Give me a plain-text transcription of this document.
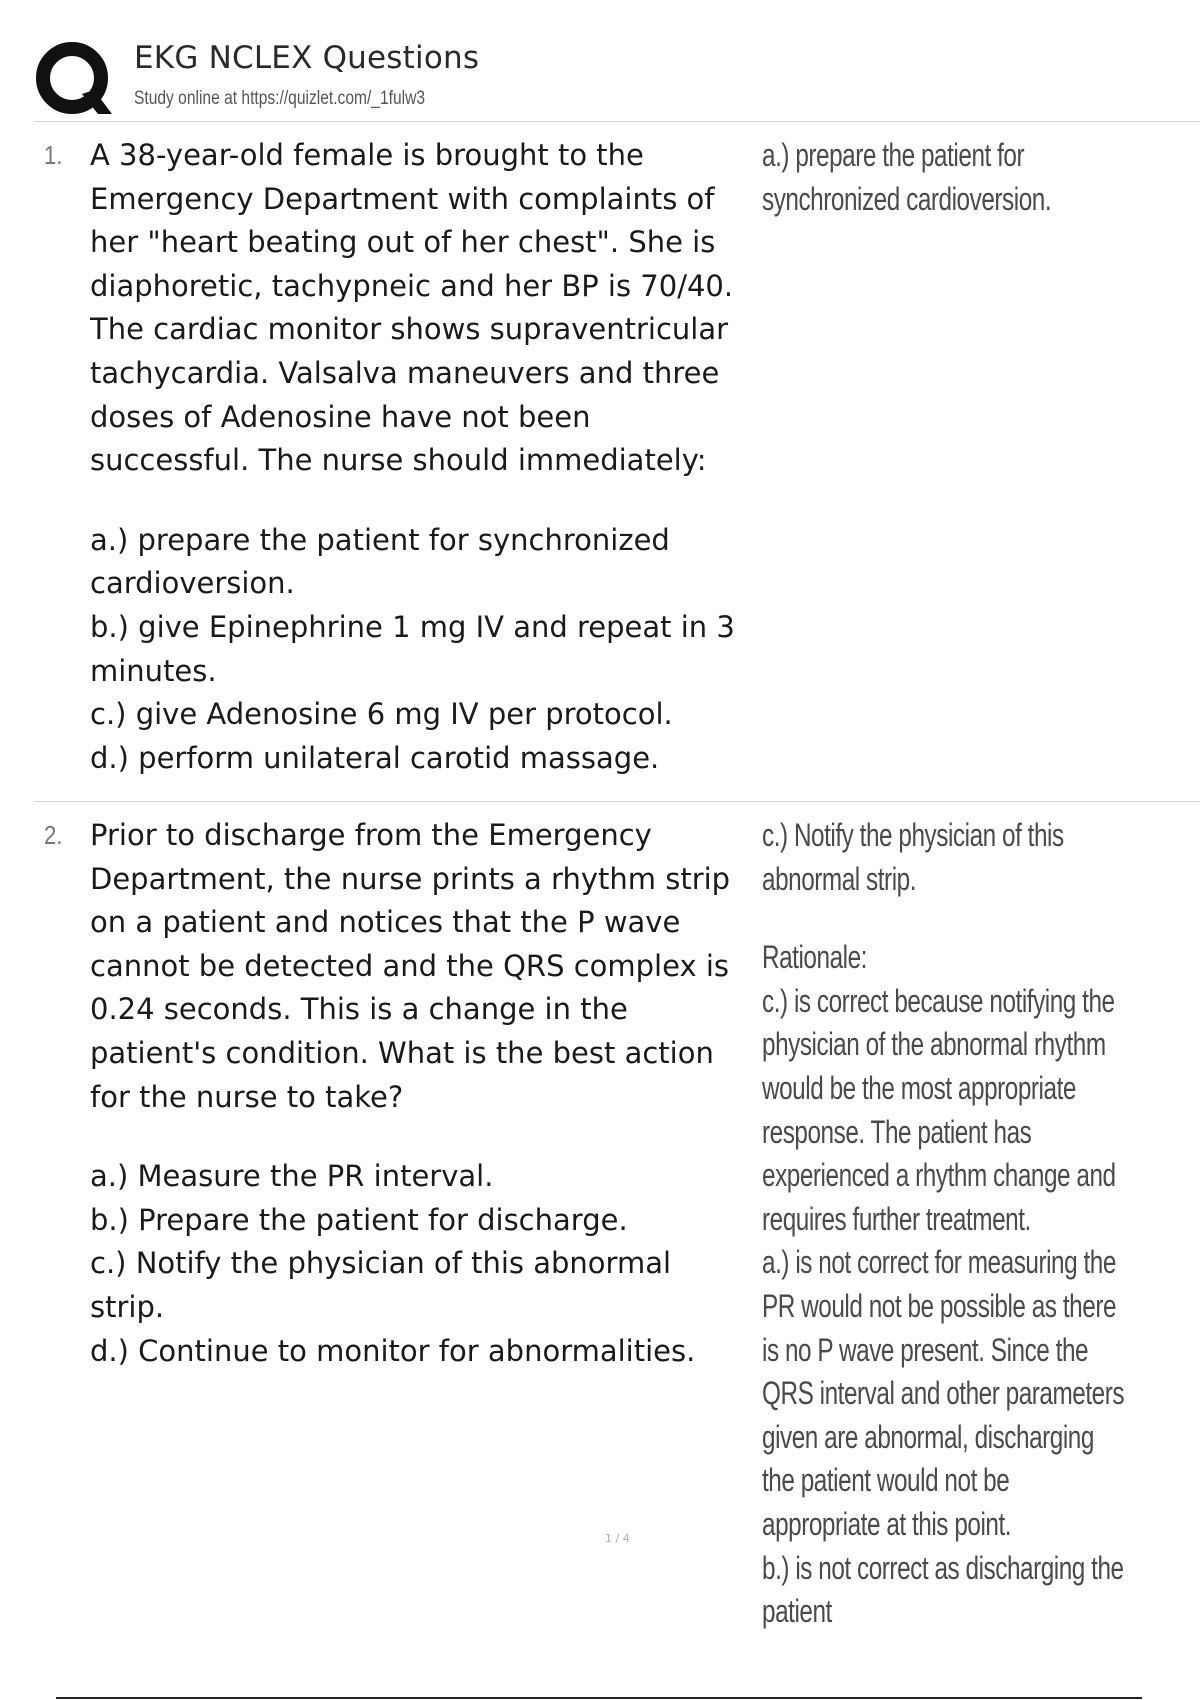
EKG NCLEX Questions
Study online at https://quizlet.com/_1fulw3
1. A 38-year-old female is brought to the Emergency Department with complaints of her "heart beating out of her chest". She is diaphoretic, tachypneic and her BP is 70/40. The cardiac monitor shows supraventricular tachycardia. Valsalva maneuvers and three doses of Adenosine have not been successful. The nurse should immediately:

a.) prepare the patient for synchronized cardioversion.

b.) give Epinephrine 1 mg IV and repeat in 3 minutes.

c.) give Adenosine 6 mg IV per protocol.

d.) perform unilateral carotid massage.

a.) prepare the patient for synchronized cardioversion.

2. Prior to discharge from the Emergency Department, the nurse prints a rhythm strip on a patient and notices that the P wave cannot be detected and the QRS complex is 0.24 seconds. This is a change in the patient's condition. What is the best action for the nurse to take?

a.) Measure the PR interval.

b.) Prepare the patient for discharge.

c.) Notify the physician of this abnormal strip.

d.) Continue to monitor for abnormalities.

c.) Notify the physician of this abnormal strip.

Rationale:

c.) is correct because notifying the physician of the abnormal rhythm would be the most appropriate response. The patient has experienced a rhythm change and requires further treatment.

a.) is not correct for measuring the PR would not be possible as there is no P wave present. Since the QRS interval and other parameters given are abnormal, discharging the patient would not be appropriate at this point.

b.) is not correct as discharging the patient

1 / 4
